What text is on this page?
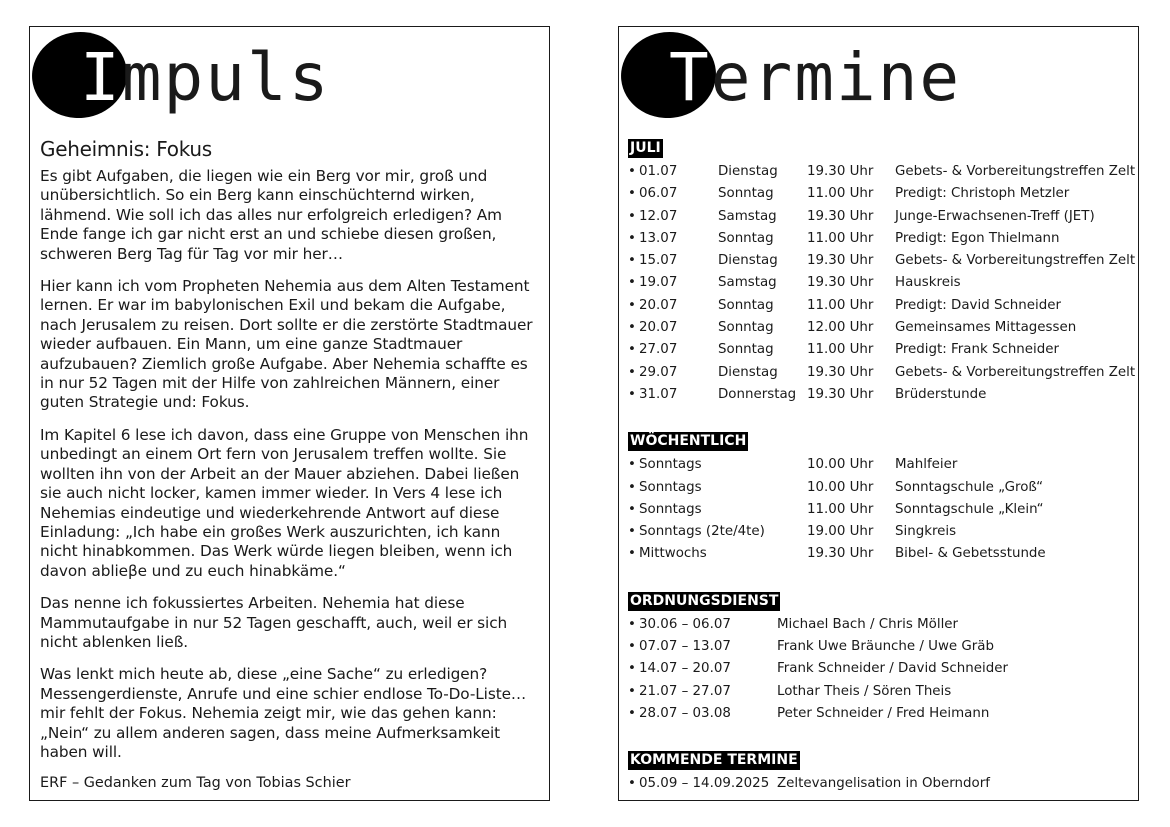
Impuls
Geheimnis: Fokus

Es gibt Aufgaben, die liegen wie ein Berg vor mir, groß und unübersichtlich. So ein Berg kann einschüchternd wirken, lähmend. Wie soll ich das alles nur erfolgreich erledigen? Am Ende fange ich gar nicht erst an und schiebe diesen großen, schweren Berg Tag für Tag vor mir her…

Hier kann ich vom Propheten Nehemia aus dem Alten Testament lernen. Er war im babylonischen Exil und bekam die Aufgabe, nach Jerusalem zu reisen. Dort sollte er die zerstörte Stadtmauer wieder aufbauen. Ein Mann, um eine ganze Stadtmauer aufzubauen? Ziemlich große Aufgabe. Aber Nehemia schaffte es in nur 52 Tagen mit der Hilfe von zahlreichen Männern, einer guten Strategie und: Fokus.

Im Kapitel 6 lese ich davon, dass eine Gruppe von Menschen ihn unbedingt an einem Ort fern von Jerusalem treffen wollte. Sie wollten ihn von der Arbeit an der Mauer abziehen. Dabei ließen sie auch nicht locker, kamen immer wieder. In Vers 4 lese ich Nehemias eindeutige und wiederkehrende Antwort auf diese Einladung: „Ich habe ein großes Werk auszurichten, ich kann nicht hinabkommen. Das Werk würde liegen bleiben, wenn ich davon ablieβe und zu euch hinabkäme.“

Das nenne ich fokussiertes Arbeiten. Nehemia hat diese Mammutaufgabe in nur 52 Tagen geschafft, auch, weil er sich nicht ablenken ließ.

Was lenkt mich heute ab, diese „eine Sache“ zu erledigen? Messengerdienste, Anrufe und eine schier endlose To-Do-Liste… mir fehlt der Fokus. Nehemia zeigt mir, wie das gehen kann: „Nein“ zu allem anderen sagen, dass meine Aufmerksamkeit haben will.

ERF – Gedanken zum Tag von Tobias Schier

Termine
JULI
• 01.07	Dienstag 19.30 Uhr Gebets- & Vorbereitungstreffen Zelt
• 06.07	Sonntag 11.00 Uhr Predigt: Christoph Metzler
• 12.07	Samstag 19.30 Uhr Junge-Erwachsenen-Treff (JET)
• 13.07	Sonntag 11.00 Uhr Predigt: Egon Thielmann
• 15.07	Dienstag 19.30 Uhr Gebets- & Vorbereitungstreffen Zelt
• 19.07	Samstag 19.30 Uhr Hauskreis
• 20.07	Sonntag 11.00 Uhr Predigt: David Schneider
• 20.07	Sonntag 12.00 Uhr Gemeinsames Mittagessen
• 27.07	Sonntag 11.00 Uhr Predigt: Frank Schneider
• 29.07	Dienstag 19.30 Uhr Gebets- & Vorbereitungstreffen Zelt
• 31.07	Donnerstag 19.30 Uhr Brüderstunde
WÖCHENTLICH
• Sonntags	10.00 Uhr Mahlfeier
• Sonntags	10.00 Uhr Sonntagschule „Groß“
• Sonntags	11.00 Uhr Sonntagschule „Klein“
• Sonntags (2te/4te)	19.00 Uhr Singkreis
• Mittwochs	19.30 Uhr Bibel- & Gebetsstunde
ORDNUNGSDIENST
• 30.06 – 06.07	Michael Bach / Chris Möller
• 07.07 – 13.07	Frank Uwe Bräunche / Uwe Gräb
• 14.07 – 20.07	Frank Schneider / David Schneider
• 21.07 – 27.07	Lothar Theis / Sören Theis
• 28.07 – 03.08	Peter Schneider / Fred Heimann
KOMMENDE TERMINE
• 05.09 – 14.09.2025 Zeltevangelisation in Oberndorf
